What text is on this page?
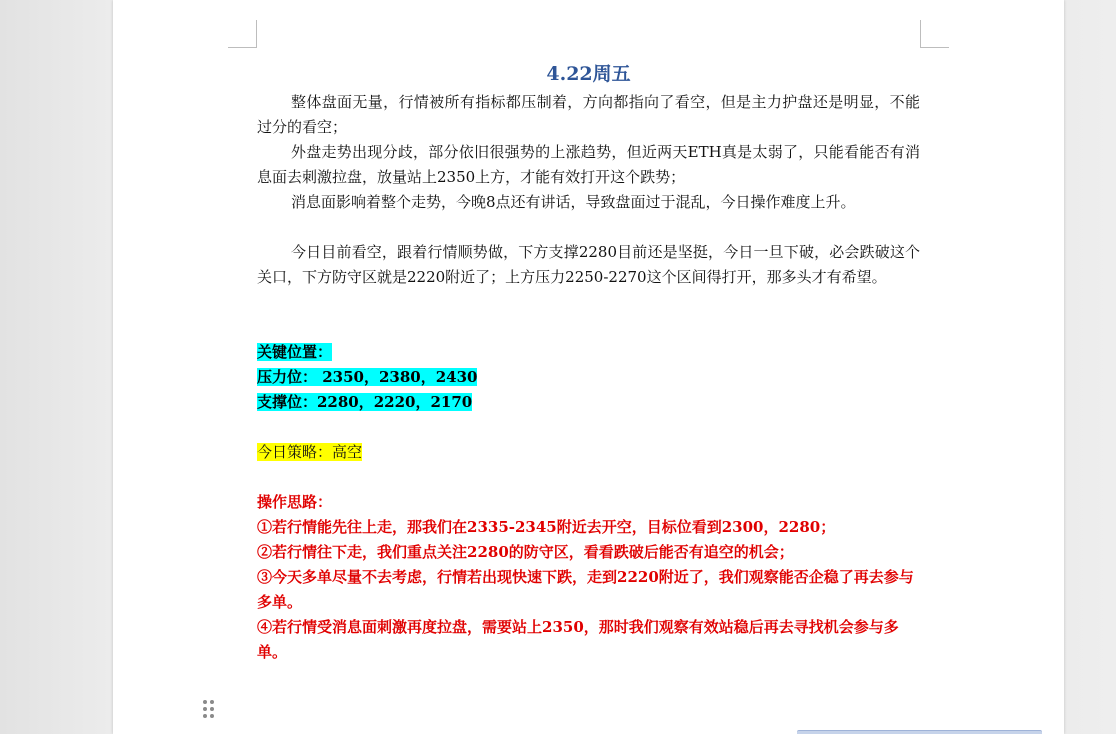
4.22周五

整体盘面无量，行情被所有指标都压制着，方向都指向了看空，但是主力护盘还是明显，不能过分的看空；

外盘走势出现分歧，部分依旧很强势的上涨趋势，但近两天ETH真是太弱了，只能看能否有消息面去刺激拉盘，放量站上2350上方，才能有效打开这个跌势；

消息面影响着整个走势，今晚8点还有讲话，导致盘面过于混乱，今日操作难度上升。

今日目前看空，跟着行情顺势做，下方支撑2280目前还是坚挺，今日一旦下破，必会跌破这个关口，下方防守区就是2220附近了；上方压力2250-2270这个区间得打开，那多头才有希望。

关键位置：

压力位： 2350，2380，2430

支撑位：2280，2220，2170

今日策略：高空

操作思路：

①若行情能先往上走，那我们在2335-2345附近去开空，目标位看到2300，2280；

②若行情往下走，我们重点关注2280的防守区，看看跌破后能否有追空的机会；

③今天多单尽量不去考虑，行情若出现快速下跌，走到2220附近了，我们观察能否企稳了再去参与多单。

④若行情受消息面刺激再度拉盘，需要站上2350，那时我们观察有效站稳后再去寻找机会参与多单。
